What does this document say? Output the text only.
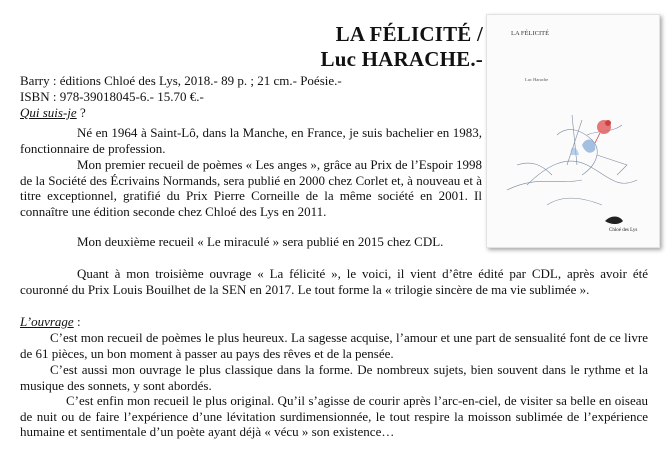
LA FÉLICITÉ /
Luc HARACHE.-
LA FÉLICITÉ
Luc Harache
Chloé des Lys
Barry : éditions Chloé des Lys, 2018.- 89 p. ; 21 cm.- Poésie.-
ISBN : 978-39018045-6.- 15.70 €.-
Qui suis-je ?
Né en 1964 à Saint-Lô, dans la Manche, en France, je suis bachelier en 1983, fonctionnaire de profession.
Mon premier recueil de poèmes « Les anges », grâce au Prix de l’Espoir 1998 de la Société des Écrivains Normands, sera publié en 2000 chez Corlet et, à nouveau et à titre exceptionnel, gratifié du Prix Pierre Corneille de la même société en 2001. Il connaître une édition seconde chez Chloé des Lys en 2011.
Mon deuxième recueil « Le miraculé » sera publié en 2015 chez CDL.
Quant à mon troisième ouvrage « La félicité », le voici, il vient d’être édité par CDL, après avoir été couronné du Prix Louis Bouilhet de la SEN en 2017. Le tout forme la « trilogie sincère de ma vie sublimée ».
L’ouvrage :
C’est mon recueil de poèmes le plus heureux. La sagesse acquise, l’amour et une part de sensualité font de ce livre de 61 pièces, un bon moment à passer au pays des rêves et de la pensée.
C’est aussi mon ouvrage le plus classique dans la forme. De nombreux sujets, bien souvent dans le rythme et la musique des sonnets, y sont abordés.
C’est enfin mon recueil le plus original. Qu’il s’agisse de courir après l’arc-en-ciel, de visiter sa belle en oiseau de nuit ou de faire l’expérience d’une lévitation surdimensionnée, le tout respire la moisson sublimée de l’expérience humaine et sentimentale d’un poète ayant déjà « vécu » son existence…
